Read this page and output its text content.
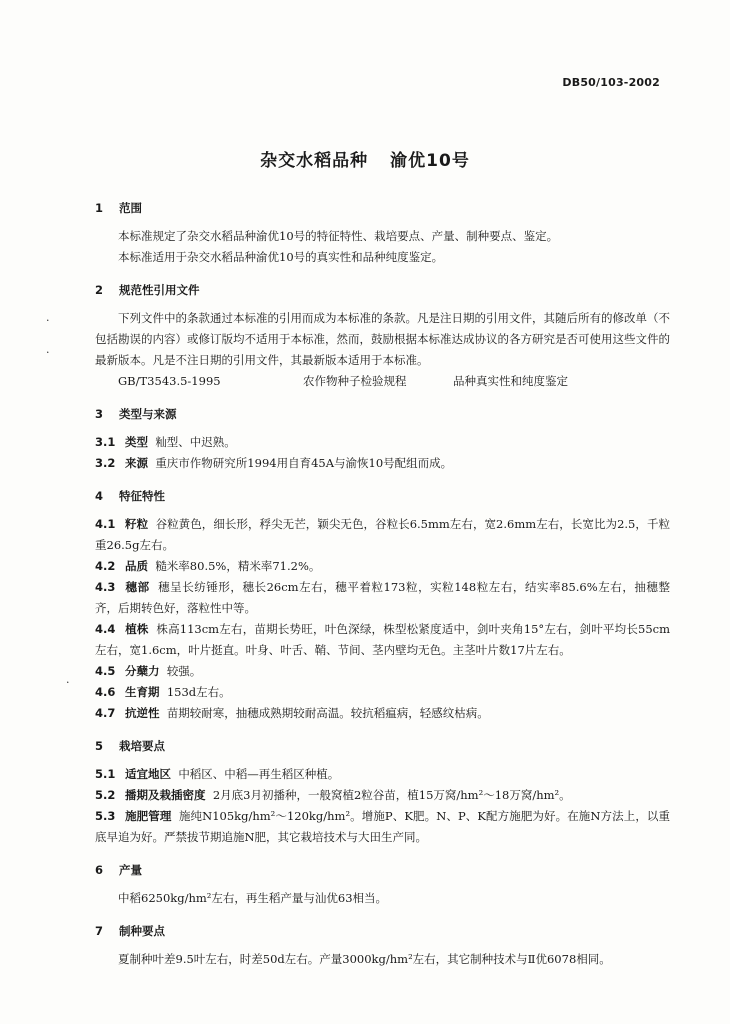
DB50/103-2002
杂交水稻品种 渝优10号
·
·
·
1 范围

本标准规定了杂交水稻品种渝优10号的特征特性、栽培要点、产量、制种要点、鉴定。

本标准适用于杂交水稻品种渝优10号的真实性和品种纯度鉴定。

2 规范性引用文件

下列文件中的条款通过本标准的引用而成为本标准的条款。凡是注日期的引用文件，其随后所有的修改单（不包括勘误的内容）或修订版均不适用于本标准，然而，鼓励根据本标准达成协议的各方研究是否可使用这些文件的最新版本。凡是不注日期的引用文件，其最新版本适用于本标准。

GB/T3543.5-1995	农作物种子检验规程	品种真实性和纯度鉴定
3 类型与来源

3.1 类型 籼型、中迟熟。

3.2 来源 重庆市作物研究所1994用自育45A与渝恢10号配组而成。

4 特征特性

4.1 籽粒 谷粒黄色，细长形，稃尖无芒，颖尖无色，谷粒长6.5mm左右，宽2.6mm左右，长宽比为2.5，千粒重26.5g左右。

4.2 品质 糙米率80.5%，精米率71.2%。

4.3 穗部 穗呈长纺锤形，穗长26cm左右，穗平着粒173粒，实粒148粒左右，结实率85.6%左右，抽穗整齐，后期转色好，落粒性中等。

4.4 植株 株高113cm左右，苗期长势旺，叶色深绿，株型松紧度适中，剑叶夹角15°左右，剑叶平均长55cm左右，宽1.6cm，叶片挺直。叶身、叶舌、鞘、节间、茎内壁均无色。主茎叶片数17片左右。

4.5 分蘖力 较强。

4.6 生育期 153d左右。

4.7 抗逆性 苗期较耐寒，抽穗成熟期较耐高温。较抗稻瘟病，轻感纹枯病。

5 栽培要点

5.1 适宜地区 中稻区、中稻—再生稻区种植。

5.2 播期及栽插密度 2月底3月初播种，一般窝植2粒谷苗，植15万窝/hm²～18万窝/hm²。

5.3 施肥管理 施纯N105kg/hm²～120kg/hm²。增施P、K肥。N、P、K配方施肥为好。在施N方法上，以重底早追为好。严禁拔节期追施N肥，其它栽培技术与大田生产同。

6 产量

中稻6250kg/hm²左右，再生稻产量与汕优63相当。

7 制种要点

夏制种叶差9.5叶左右，时差50d左右。产量3000kg/hm²左右，其它制种技术与Ⅱ优6078相同。
